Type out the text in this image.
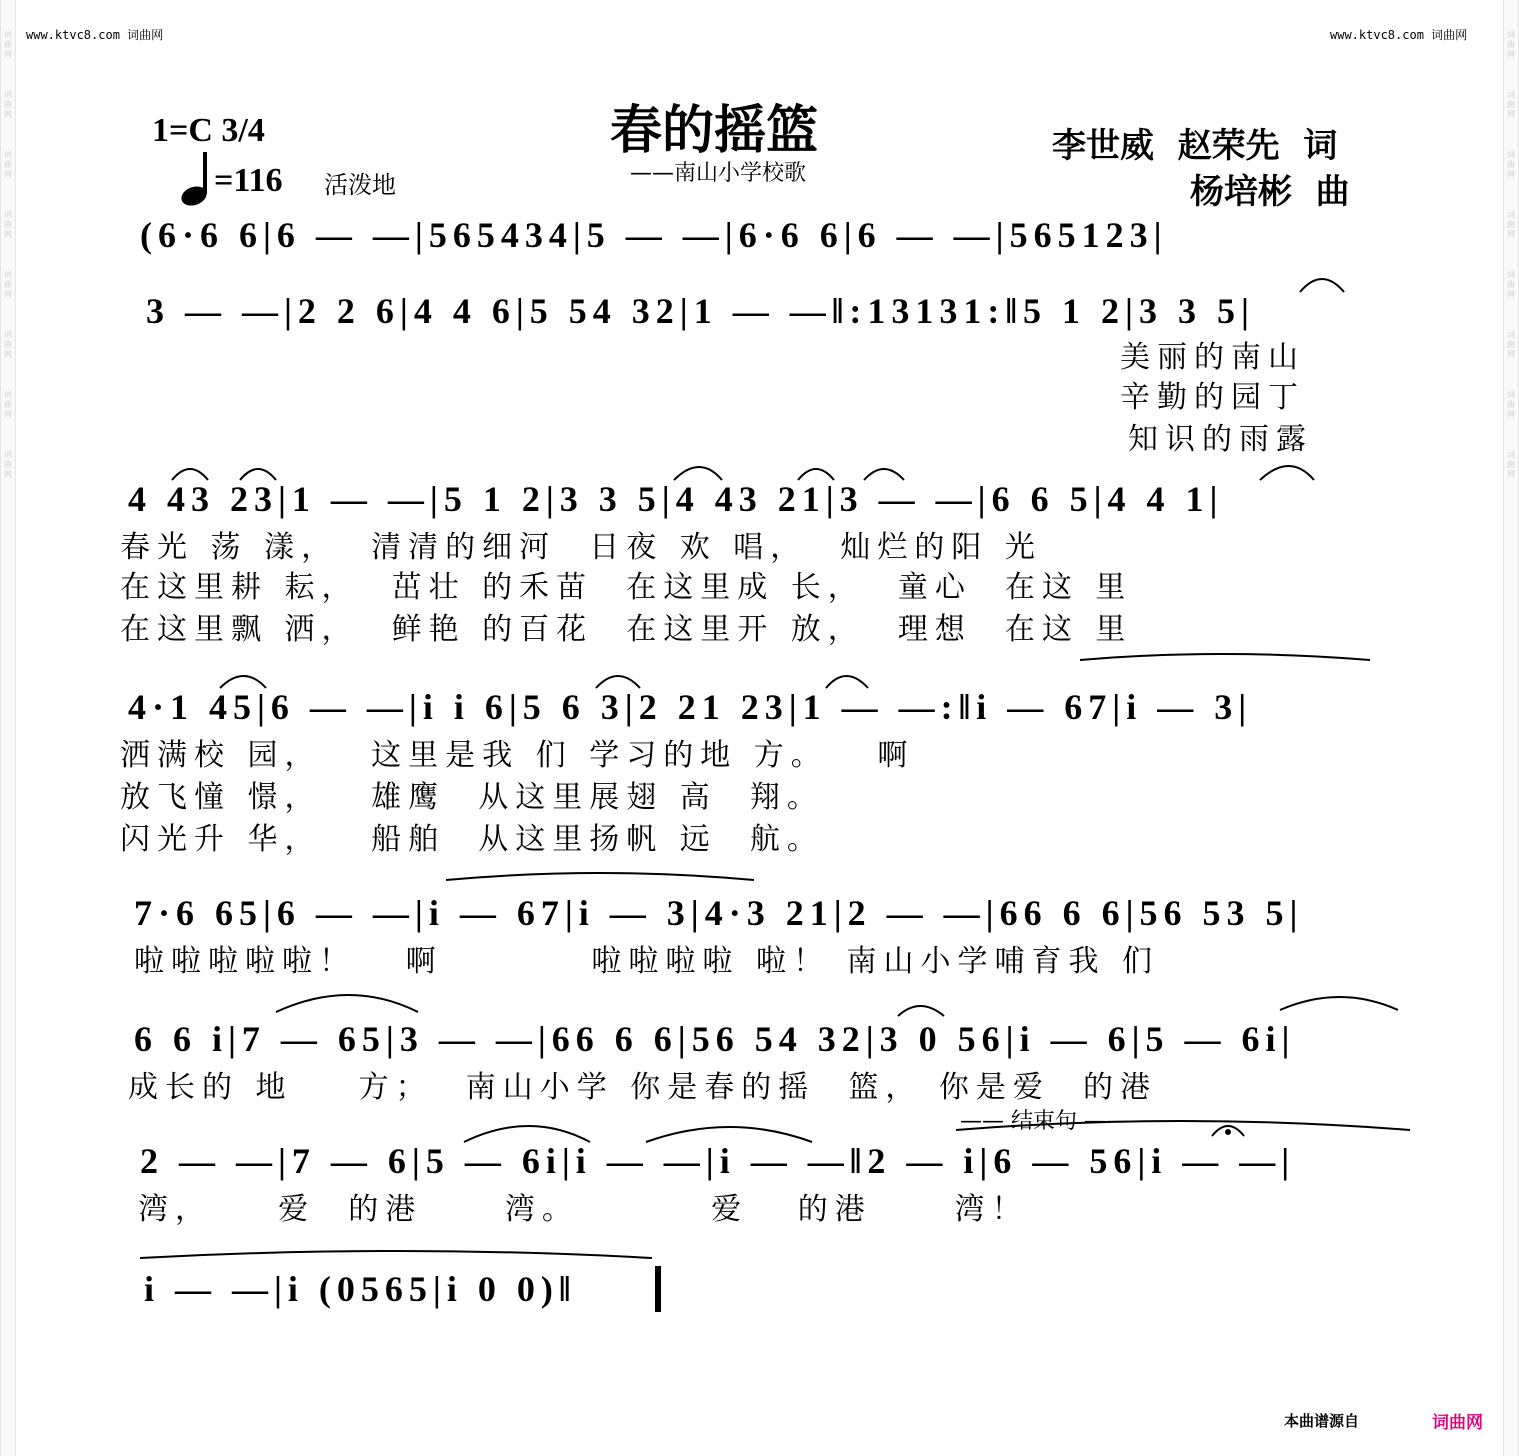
词
曲
网
词
曲
网
词
曲
网
词
曲
网
词
曲
网
词
曲
网
词
曲
网
词
曲
网
词
曲
网
词
曲
网
词
曲
网
词
曲
网
词
曲
网
词
曲
网
词
曲
网
词
曲
网
www.ktvc8.com 词曲网	www.ktvc8.com 词曲网
1=C 3/4

=116

活泼地

春的摇篮
——南山小学校歌
李世威  赵荣先  词
杨培彬  曲
(6·6 6|6 — —|565434|5 — —|6·6 6|6 — —|565123|
3 — —|2 2 6|4 4 6|5 54 32|1 — —‖:13131:‖5 1 2|3 3 5|
美丽的南山
辛勤的园丁
知识的雨露
4 43 23|1 — —|5 1 2|3 3 5|4 43 21|3 — —|6 6 5|4 4 1|
春光 荡 漾，  清清的细河  日夜 欢 唱，  灿烂的阳 光
在这里耕 耘，  茁壮 的禾苗  在这里成 长，  童心  在这 里
在这里飘 洒，  鲜艳 的百花  在这里开 放，  理想  在这 里
4·1 45|6 — —|i i 6|5 6 3|2 21 23|1 — —:‖i — 67|i — 3|
洒满校 园，   这里是我 们 学习的地 方。   啊
放飞憧 憬，   雄鹰  从这里展翅 高  翔。
闪光升 华，   船舶  从这里扬帆 远  航。
7·6 65|6 — —|i — 67|i — 3|4·3 21|2 — —|66 6 6|56 53 5|
啦啦啦啦啦！   啊         啦啦啦啦 啦！ 南山小学哺育我 们
6 6 i|7 — 65|3 — —|66 6 6|56 54 32|3 0 56|i — 6|5 — 6i|
成长的 地    方；  南山小学 你是春的摇  篮， 你是爱  的港
—— 结束句 ——
2 — —|7 — 6|5 — 6i|i — —|i — —‖2 — i|6 — 56|i — —|
湾，    爱  的港     湾。        爱   的港     湾！
i — —|i (0565|i 0 0)‖
本曲谱源自	词曲网
